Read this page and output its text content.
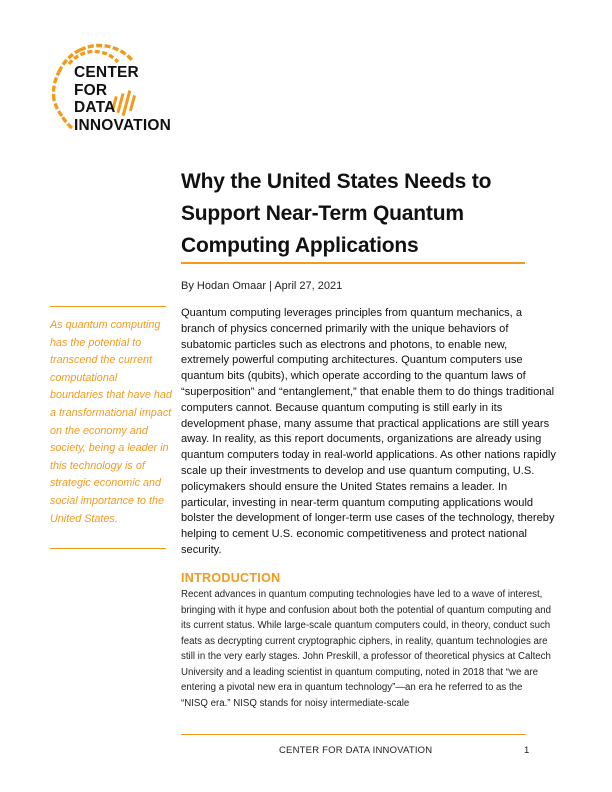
CENTER
FOR
DATA
INNOVATION
Why the United States Needs to Support Near-Term Quantum Computing Applications
By Hodan Omaar | April 27, 2021
As quantum computing has the potential to transcend the current computational boundaries that have had a transformational impact on the economy and society, being a leader in this technology is of strategic economic and social importance to the United States.
Quantum computing leverages principles from quantum mechanics, a branch of physics concerned primarily with the unique behaviors of subatomic particles such as electrons and photons, to enable new, extremely powerful computing architectures. Quantum computers use quantum bits (qubits), which operate according to the quantum laws of “superposition” and “entanglement,” that enable them to do things traditional computers cannot. Because quantum computing is still early in its development phase, many assume that practical applications are still years away. In reality, as this report documents, organizations are already using quantum computers today in real-world applications. As other nations rapidly scale up their investments to develop and use quantum computing, U.S. policymakers should ensure the United States remains a leader. In particular, investing in near-term quantum computing applications would bolster the development of longer-term use cases of the technology, thereby helping to cement U.S. economic competitiveness and protect national security.
INTRODUCTION
Recent advances in quantum computing technologies have led to a wave of interest, bringing with it hype and confusion about both the potential of quantum computing and its current status. While large-scale quantum computers could, in theory, conduct such feats as decrypting current cryptographic ciphers, in reality, quantum technologies are still in the very early stages. John Preskill, a professor of theoretical physics at Caltech University and a leading scientist in quantum computing, noted in 2018 that “we are entering a pivotal new era in quantum technology”—an era he referred to as the “NISQ era.” NISQ stands for noisy intermediate-scale
CENTER FOR DATA INNOVATION	1
